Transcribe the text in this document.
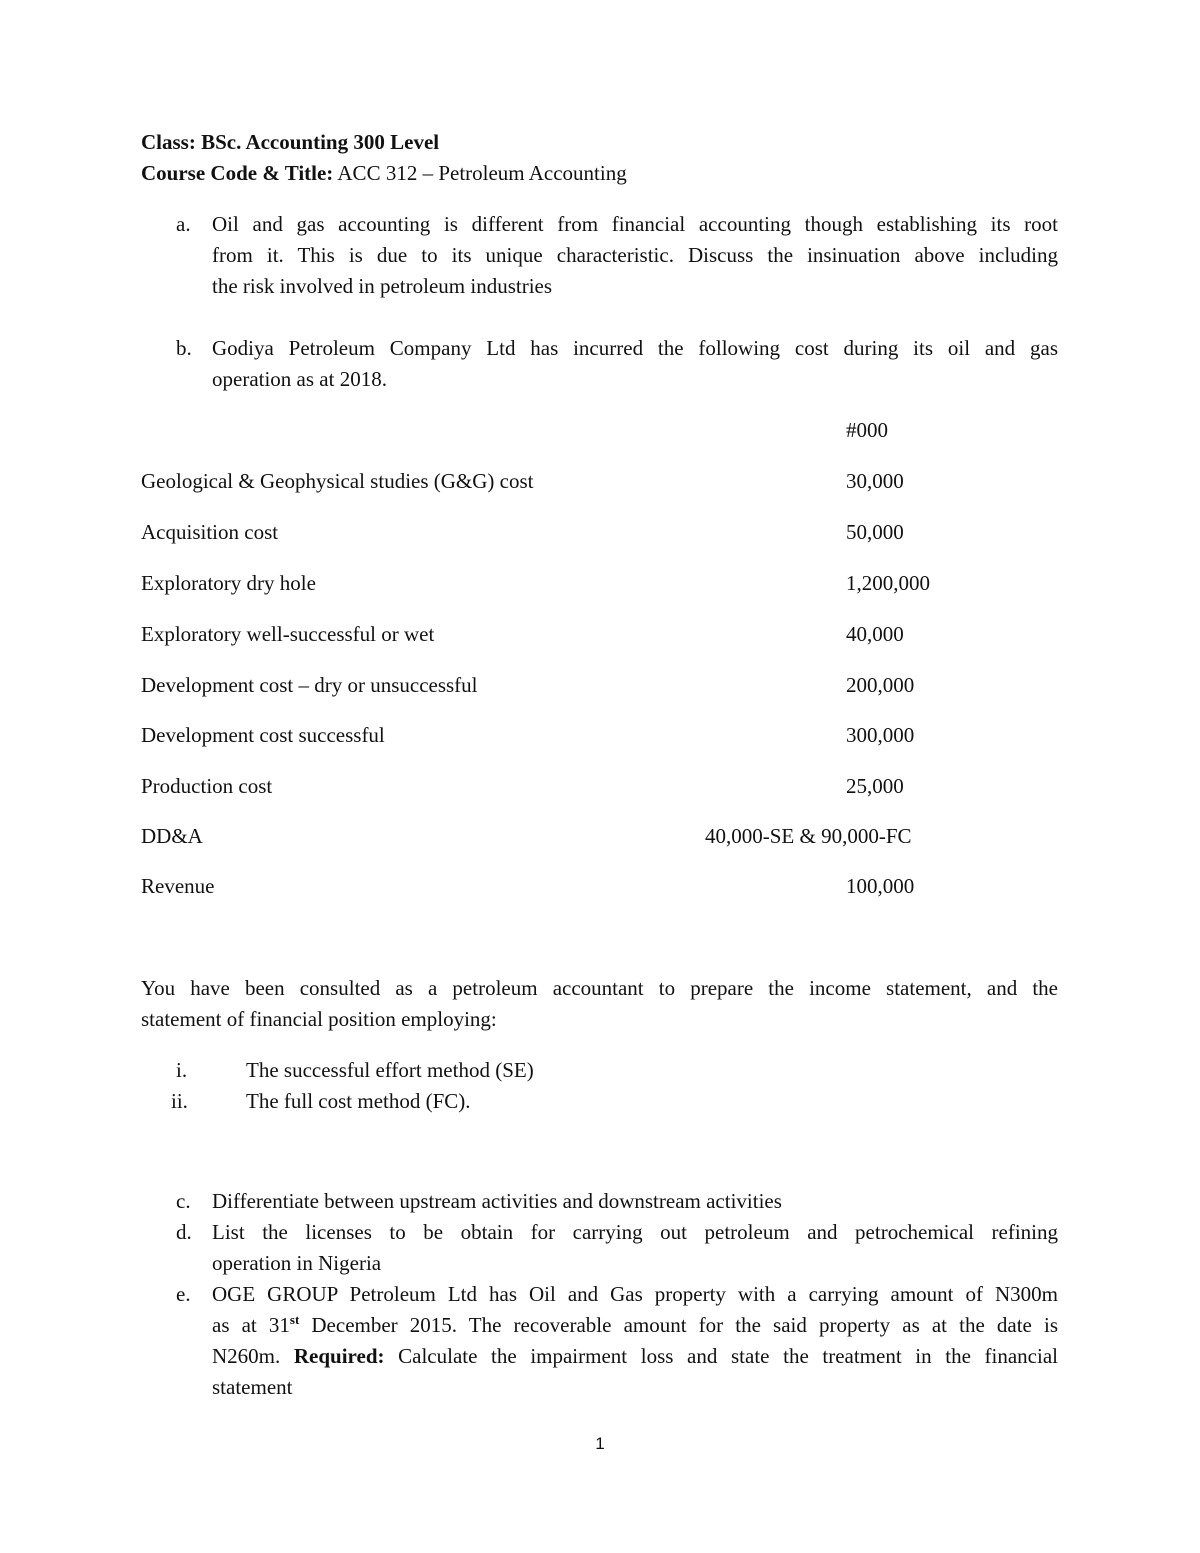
Class: BSc. Accounting 300 Level
Course Code & Title: ACC 312 – Petroleum Accounting
a. Oil and gas accounting is different from financial accounting though establishing its root
from it. This is due to its unique characteristic. Discuss the insinuation above including
the risk involved in petroleum industries
b. Godiya Petroleum Company Ltd has incurred the following cost during its oil and gas
operation as at 2018.
#000
Geological & Geophysical studies (G&G) cost	30,000
Acquisition cost	50,000
Exploratory dry hole	1,200,000
Exploratory well-successful or wet	40,000
Development cost – dry or unsuccessful	200,000
Development cost successful	300,000
Production cost	25,000
DD&A	40,000-SE & 90,000-FC
Revenue	100,000
You have been consulted as a petroleum accountant to prepare the income statement, and the
statement of financial position employing:
i.	The successful effort method (SE)
ii.	The full cost method (FC).
c. Differentiate between upstream activities and downstream activities
d. List the licenses to be obtain for carrying out petroleum and petrochemical refining
operation in Nigeria
e. OGE GROUP Petroleum Ltd has Oil and Gas property with a carrying amount of N300m
as at 31st December 2015. The recoverable amount for the said property as at the date is
N260m. Required: Calculate the impairment loss and state the treatment in the financial
statement
1
